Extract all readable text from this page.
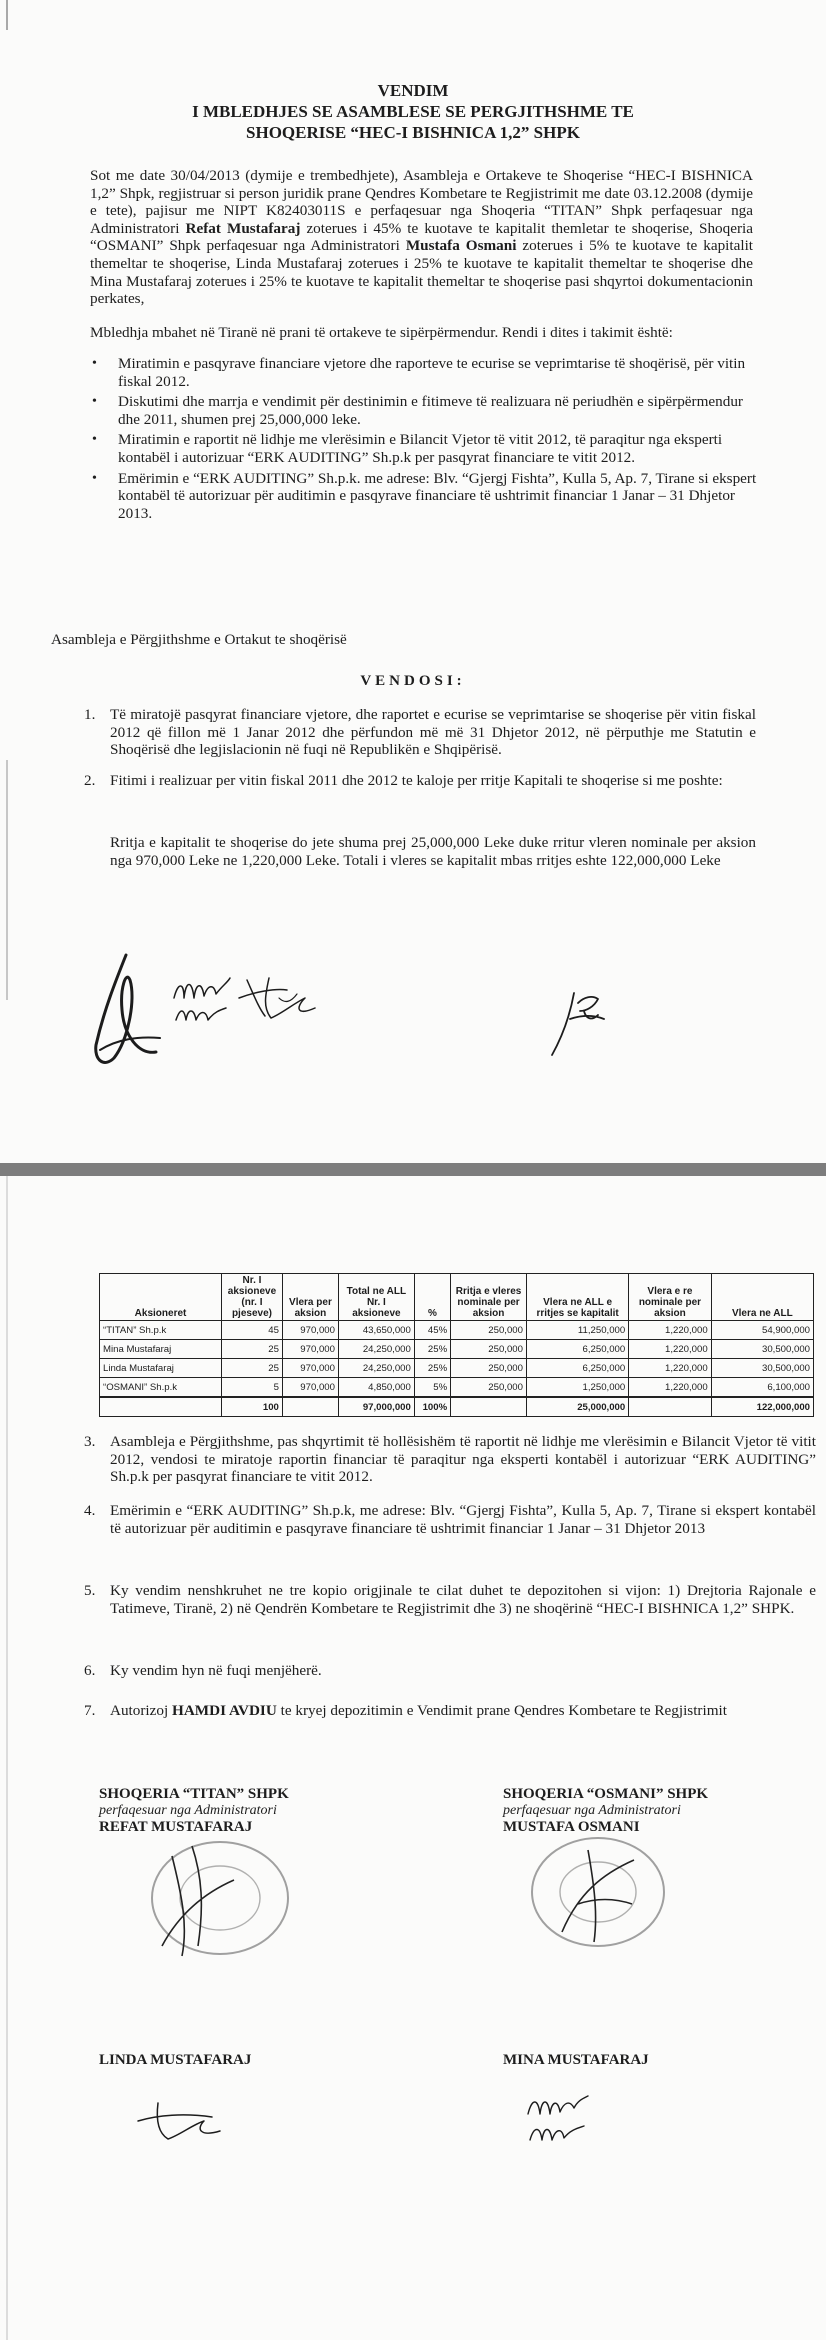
VENDIM
I MBLEDHJES SE ASAMBLESE SE PERGJITHSHME TE
SHOQERISE “HEC-I BISHNICA 1,2” SHPK
Sot me date 30/04/2013 (dymije e trembedhjete), Asambleja e Ortakeve te Shoqerise “HEC-I BISHNICA 1,2” Shpk, regjistruar si person juridik prane Qendres Kombetare te Regjistrimit me date 03.12.2008 (dymije e tete), pajisur me NIPT K82403011S e perfaqesuar nga Shoqeria “TITAN” Shpk perfaqesuar nga Administratori Refat Mustafaraj zoterues i 45% te kuotave te kapitalit themletar te shoqerise, Shoqeria “OSMANI” Shpk perfaqesuar nga Administratori Mustafa Osmani zoterues i 5% te kuotave te kapitalit themeltar te shoqerise, Linda Mustafaraj zoterues i 25% te kuotave te kapitalit themeltar te shoqerise dhe Mina Mustafaraj zoterues i 25% te kuotave te kapitalit themeltar te shoqerise pasi shqyrtoi dokumentacionin perkates,
Mbledhja mbahet në Tiranë në prani të ortakeve te sipërpërmendur. Rendi i dites i takimit është:
• Miratimin e pasqyrave financiare vjetore dhe raporteve te ecurise se veprimtarise të shoqërisë, për vitin fiskal 2012.
• Diskutimi dhe marrja e vendimit për destinimin e fitimeve të realizuara në periudhën e sipërpërmendur dhe 2011, shumen prej 25,000,000 leke.
• Miratimin e raportit në lidhje me vlerësimin e Bilancit Vjetor të vitit 2012, të paraqitur nga eksperti kontabël i autorizuar “ERK AUDITING” Sh.p.k per pasqyrat financiare te vitit 2012.
• Emërimin e “ERK AUDITING” Sh.p.k. me adrese: Blv. “Gjergj Fishta”, Kulla 5, Ap. 7, Tirane si ekspert kontabël të autorizuar për auditimin e pasqyrave financiare të ushtrimit financiar 1 Janar – 31 Dhjetor 2013.
Asambleja e Përgjithshme e Ortakut te shoqërisë
VENDOSI:
1. Të miratojë pasqyrat financiare vjetore, dhe raportet e ecurise se veprimtarise se shoqerise për vitin fiskal 2012 që fillon më 1 Janar 2012 dhe përfundon më më 31 Dhjetor 2012, në përputhje me Statutin e Shoqërisë dhe legjislacionin në fuqi në Republikën e Shqipërisë.
2. Fitimi i realizuar per vitin fiskal 2011 dhe 2012 te kaloje per rritje Kapitali te shoqerise si me poshte:
Rritja e kapitalit te shoqerise do jete shuma prej 25,000,000 Leke duke rritur vleren nominale per aksion nga 970,000 Leke ne 1,220,000 Leke. Totali i vleres se kapitalit mbas rritjes eshte 122,000,000 Leke
Aksioneret	Nr. I aksioneve (nr. I pjeseve)	Vlera per aksion	Total ne ALL Nr. I aksioneve	%	Rritja e vleres nominale per aksion	Vlera ne ALL e rritjes se kapitalit	Vlera e re nominale per aksion	Vlera ne ALL
“TITAN” Sh.p.k	45	970,000	43,650,000	45%	250,000	11,250,000	1,220,000	54,900,000
Mina Mustafaraj	25	970,000	24,250,000	25%	250,000	6,250,000	1,220,000	30,500,000
Linda Mustafaraj	25	970,000	24,250,000	25%	250,000	6,250,000	1,220,000	30,500,000
“OSMANI” Sh.p.k	5	970,000	4,850,000	5%	250,000	1,250,000	1,220,000	6,100,000
	100		97,000,000	100%		25,000,000		122,000,000
3. Asambleja e Përgjithshme, pas shqyrtimit të hollësishëm të raportit në lidhje me vlerësimin e Bilancit Vjetor të vitit 2012, vendosi te miratoje raportin financiar të paraqitur nga eksperti kontabël i autorizuar “ERK AUDITING” Sh.p.k per pasqyrat financiare te vitit 2012.
4. Emërimin e “ERK AUDITING” Sh.p.k, me adrese: Blv. “Gjergj Fishta”, Kulla 5, Ap. 7, Tirane si ekspert kontabël të autorizuar për auditimin e pasqyrave financiare të ushtrimit financiar 1 Janar – 31 Dhjetor 2013
5. Ky vendim nenshkruhet ne tre kopio origjinale te cilat duhet te depozitohen si vijon: 1) Drejtoria Rajonale e Tatimeve, Tiranë, 2) në Qendrën Kombetare te Regjistrimit dhe 3) ne shoqërinë “HEC-I BISHNICA 1,2” SHPK.
6. Ky vendim hyn në fuqi menjëherë.
7. Autorizoj HAMDI AVDIU te kryej depozitimin e Vendimit prane Qendres Kombetare te Regjistrimit
SHOQERIA “TITAN” SHPK
perfaqesuar nga Administratori
REFAT MUSTAFARAJ
SHOQERIA “OSMANI” SHPK
perfaqesuar nga Administratori
MUSTAFA OSMANI
LINDA MUSTAFARAJ	MINA MUSTAFARAJ
